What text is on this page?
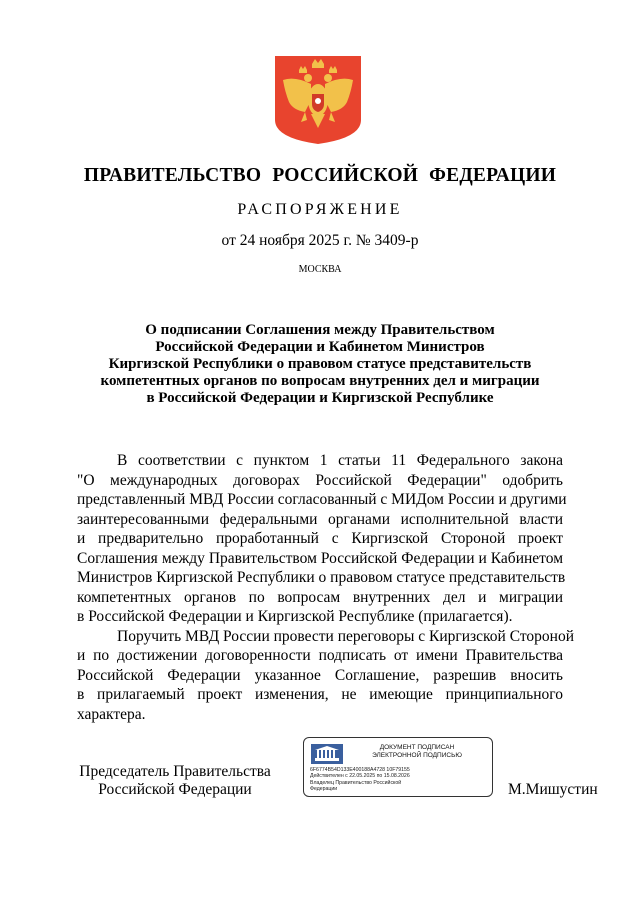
ПРАВИТЕЛЬСТВО РОССИЙСКОЙ ФЕДЕРАЦИИ
РАСПОРЯЖЕНИЕ
от 24 ноября 2025 г. № 3409-р
МОСКВА
О подписании Соглашения между Правительством
Российской Федерации и Кабинетом Министров
Киргизской Республики о правовом статусе представительств
компетентных органов по вопросам внутренних дел и миграции
в Российской Федерации и Киргизской Республике
В соответствии с пунктом 1 статьи 11 Федерального закона
"О международных договорах Российской Федерации" одобрить
представленный МВД России согласованный с МИДом России и другими
заинтересованными федеральными органами исполнительной власти
и предварительно проработанный с Киргизской Стороной проект
Соглашения между Правительством Российской Федерации и Кабинетом
Министров Киргизской Республики о правовом статусе представительств
компетентных органов по вопросам внутренних дел и миграции
в Российской Федерации и Киргизской Республике (прилагается).
Поручить МВД России провести переговоры с Киргизской Стороной
и по достижении договоренности подписать от имени Правительства
Российской Федерации указанное Соглашение, разрешив вносить
в прилагаемый проект изменения, не имеющие принципиального
характера.
Председатель Правительства
Российской Федерации
ДОКУМЕНТ ПОДПИСАН
ЭЛЕКТРОННОЙ ПОДПИСЬЮ
6F6774B54D133E400188A4728 10F79155
Действителен с 22.05.2025 по 15.08.2026
Владелец Правительство Российской
Федерации	М.Мишустин
